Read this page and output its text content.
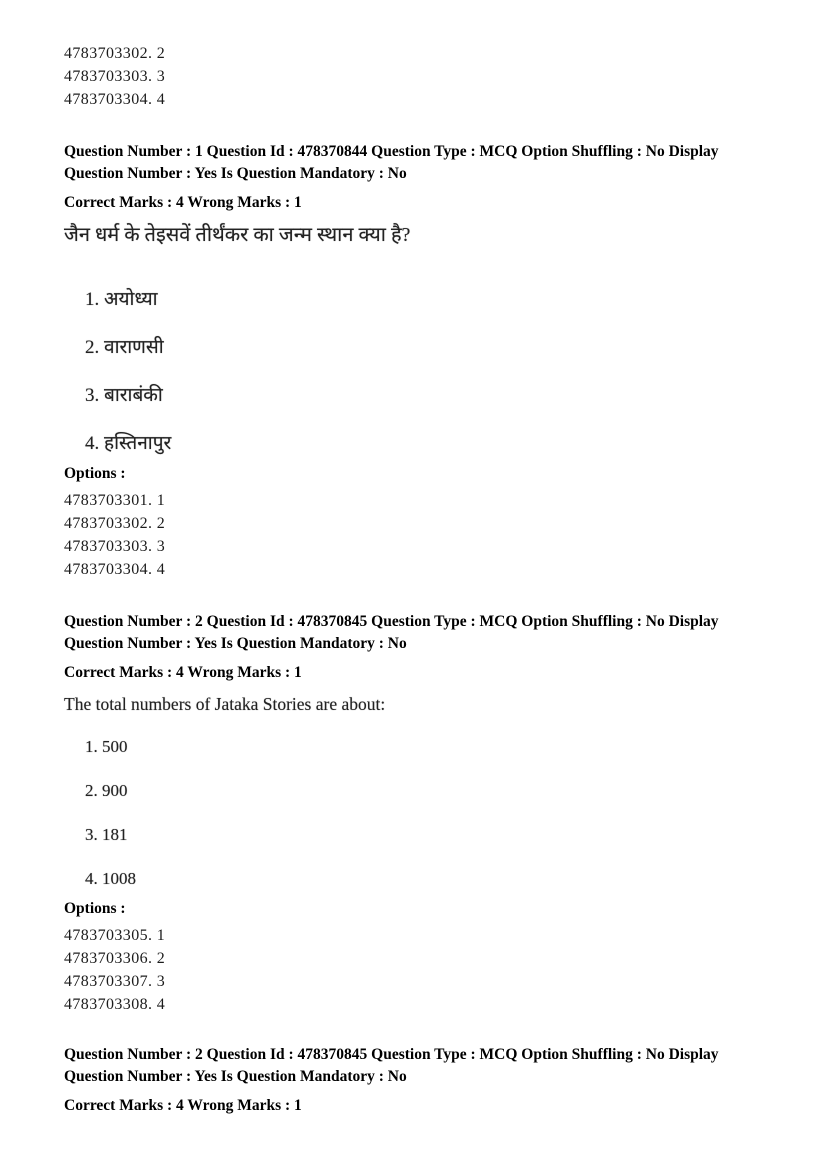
4783703302. 2
4783703303. 3
4783703304. 4
Question Number : 1 Question Id : 478370844 Question Type : MCQ Option Shuffling : No Display
Question Number : Yes Is Question Mandatory : No
Correct Marks : 4 Wrong Marks : 1
जैन धर्म के तेइसवें तीर्थंकर का जन्म स्थान क्या है?
1. अयोध्या
2. वाराणसी
3. बाराबंकी
4. हस्तिनापुर
Options :
4783703301. 1
4783703302. 2
4783703303. 3
4783703304. 4
Question Number : 2 Question Id : 478370845 Question Type : MCQ Option Shuffling : No Display
Question Number : Yes Is Question Mandatory : No
Correct Marks : 4 Wrong Marks : 1
The total numbers of Jataka Stories are about:
1. 500
2. 900
3. 181
4. 1008
Options :
4783703305. 1
4783703306. 2
4783703307. 3
4783703308. 4
Question Number : 2 Question Id : 478370845 Question Type : MCQ Option Shuffling : No Display
Question Number : Yes Is Question Mandatory : No
Correct Marks : 4 Wrong Marks : 1
